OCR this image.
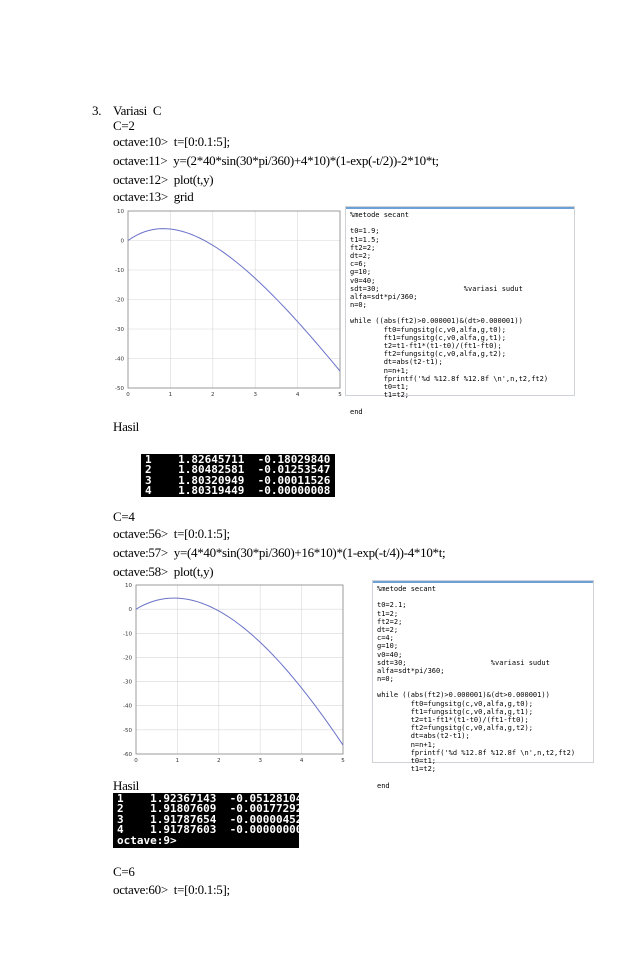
3. Variasi  C
C=2
octave:10>  t=[0:0.1:5];
octave:11>  y=(2*40*sin(30*pi/360)+4*10)*(1-exp(-t/2))-2*10*t;
octave:12>  plot(t,y)
octave:13>  grid
0	1	2	3	4	5
10
0
-10
-20
-30
-40
-50
%metode secant
t0=1.9;
t1=1.5;
ft2=2;
dt=2;
c=6;
g=10;
v0=40;
sdt=30;                    %variasi sudut
alfa=sdt*pi/360;
n=0;
while ((abs(ft2)>0.000001)&(dt>0.000001))
ft0=fungsitg(c,v0,alfa,g,t0);
ft1=fungsitg(c,v0,alfa,g,t1);
t2=t1-ft1*(t1-t0)/(ft1-ft0);
ft2=fungsitg(c,v0,alfa,g,t2);
dt=abs(t2-t1);
n=n+1;
fprintf('%d %12.8f %12.8f \n',n,t2,ft2)
t0=t1;
t1=t2;
end
Hasil
1    1.82645711  -0.18029840
2    1.80482581  -0.01253547
3    1.80320949  -0.00011526
4    1.80319449  -0.00000008
C=4
octave:56>  t=[0:0.1:5];
octave:57>  y=(4*40*sin(30*pi/360)+16*10)*(1-exp(-t/4))-4*10*t;
octave:58>  plot(t,y)
0	1	2	3	4	5
10
0
-10
-20
-30
-40
-50
-60
%metode secant
t0=2.1;
t1=2;
ft2=2;
dt=2;
c=4;
g=10;
v0=40;
sdt=30;                    %variasi sudut
alfa=sdt*pi/360;
n=0;
while ((abs(ft2)>0.000001)&(dt>0.000001))
ft0=fungsitg(c,v0,alfa,g,t0);
ft1=fungsitg(c,v0,alfa,g,t1);
t2=t1-ft1*(t1-t0)/(ft1-ft0);
ft2=fungsitg(c,v0,alfa,g,t2);
dt=abs(t2-t1);
n=n+1;
fprintf('%d %12.8f %12.8f \n',n,t2,ft2)
t0=t1;
t1=t2;
end
Hasil
1    1.92367143  -0.05128104
2    1.91807609  -0.00177292
3    1.91787654  -0.00000452
4    1.91787603  -0.00000000
octave:9>
C=6
octave:60>  t=[0:0.1:5];
